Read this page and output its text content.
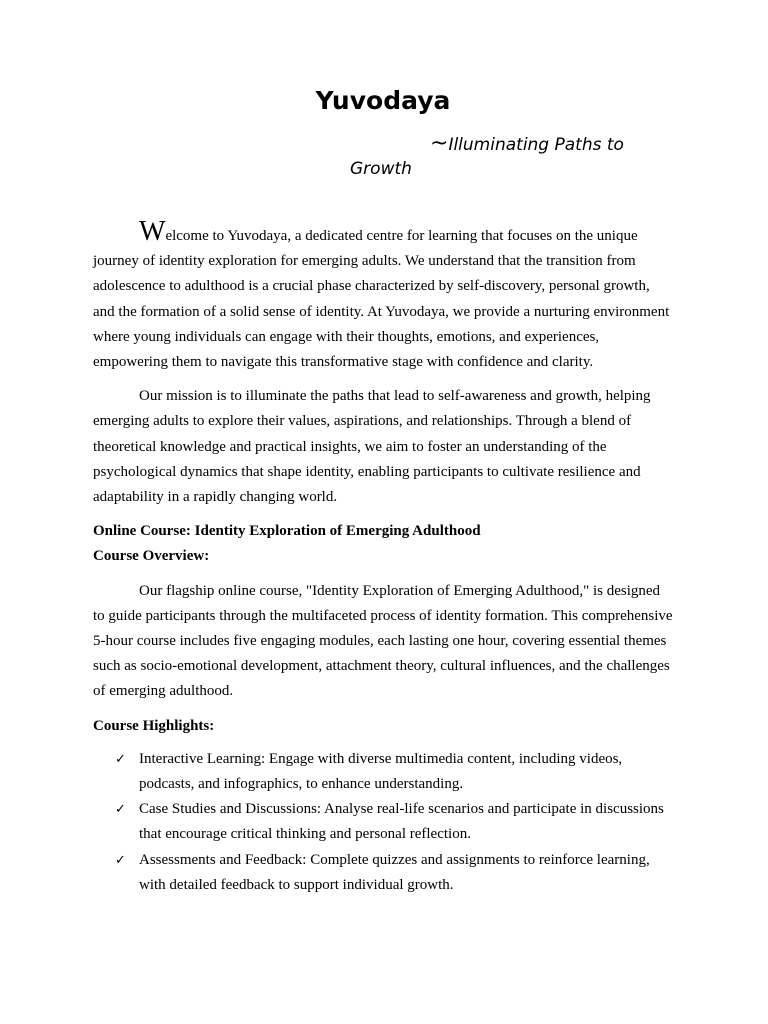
Yuvodaya
~Illuminating Paths to
Growth

Welcome to Yuvodaya, a dedicated centre for learning that focuses on the unique journey of identity exploration for emerging adults. We understand that the transition from adolescence to adulthood is a crucial phase characterized by self-discovery, personal growth, and the formation of a solid sense of identity. At Yuvodaya, we provide a nurturing environment where young individuals can engage with their thoughts, emotions, and experiences, empowering them to navigate this transformative stage with confidence and clarity.

Our mission is to illuminate the paths that lead to self-awareness and growth, helping emerging adults to explore their values, aspirations, and relationships. Through a blend of theoretical knowledge and practical insights, we aim to foster an understanding of the psychological dynamics that shape identity, enabling participants to cultivate resilience and adaptability in a rapidly changing world.

Online Course: Identity Exploration of Emerging Adulthood

Course Overview:

Our flagship online course, "Identity Exploration of Emerging Adulthood," is designed to guide participants through the multifaceted process of identity formation. This comprehensive 5-hour course includes five engaging modules, each lasting one hour, covering essential themes such as socio-emotional development, attachment theory, cultural influences, and the challenges of emerging adulthood.

Course Highlights:

✓ Interactive Learning: Engage with diverse multimedia content, including videos, podcasts, and infographics, to enhance understanding.
✓ Case Studies and Discussions: Analyse real-life scenarios and participate in discussions that encourage critical thinking and personal reflection.
✓ Assessments and Feedback: Complete quizzes and assignments to reinforce learning, with detailed feedback to support individual growth.
